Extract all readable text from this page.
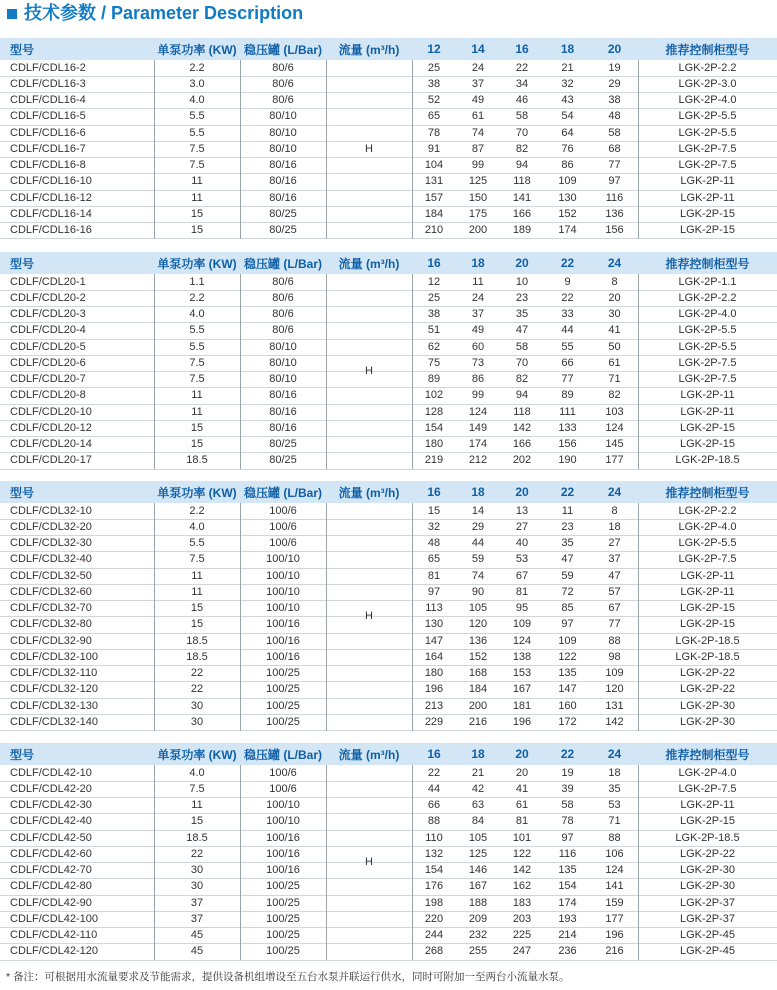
技术参数 / Parameter Description
型号	单泵功率 (KW) 稳压罐 (L/Bar)	流量 (m³/h)	12	14	16	18	20	推荐控制柜型号
CDLF/CDL16-2	2.2	80/6	25	24	22	21	19	LGK-2P-2.2
CDLF/CDL16-3	3.0	80/6	38	37	34	32	29	LGK-2P-3.0
CDLF/CDL16-4	4.0	80/6	52	49	46	43	38	LGK-2P-4.0
CDLF/CDL16-5	5.5	80/10	65	61	58	54	48	LGK-2P-5.5
CDLF/CDL16-6	5.5	80/10	78	74	70	64	58	LGK-2P-5.5
CDLF/CDL16-7	7.5	80/10	91	87	82	76	68	LGK-2P-7.5
CDLF/CDL16-8	7.5	80/16	104	99	94	86	77	LGK-2P-7.5
CDLF/CDL16-10	11	80/16	131	125	118	109	97	LGK-2P-11
CDLF/CDL16-12	11	80/16	157	150	141	130	116	LGK-2P-11
CDLF/CDL16-14	15	80/25	184	175	166	152	136	LGK-2P-15
CDLF/CDL16-16	15	80/25	210	200	189	174	156	LGK-2P-15
H
型号	单泵功率 (KW) 稳压罐 (L/Bar)	流量 (m³/h)	16	18	20	22	24	推荐控制柜型号
CDLF/CDL20-1	1.1	80/6	12	11	10	9	8	LGK-2P-1.1
CDLF/CDL20-2	2.2	80/6	25	24	23	22	20	LGK-2P-2.2
CDLF/CDL20-3	4.0	80/6	38	37	35	33	30	LGK-2P-4.0
CDLF/CDL20-4	5.5	80/6	51	49	47	44	41	LGK-2P-5.5
CDLF/CDL20-5	5.5	80/10	62	60	58	55	50	LGK-2P-5.5
CDLF/CDL20-6	7.5	80/10	75	73	70	66	61	LGK-2P-7.5
CDLF/CDL20-7	7.5	80/10	89	86	82	77	71	LGK-2P-7.5
CDLF/CDL20-8	11	80/16	102	99	94	89	82	LGK-2P-11
CDLF/CDL20-10	11	80/16	128	124	118	111	103	LGK-2P-11
CDLF/CDL20-12	15	80/16	154	149	142	133	124	LGK-2P-15
CDLF/CDL20-14	15	80/25	180	174	166	156	145	LGK-2P-15
CDLF/CDL20-17	18.5	80/25	219	212	202	190	177	LGK-2P-18.5
H
型号	单泵功率 (KW) 稳压罐 (L/Bar)	流量 (m³/h)	16	18	20	22	24	推荐控制柜型号
CDLF/CDL32-10	2.2	100/6	15	14	13	11	8	LGK-2P-2.2
CDLF/CDL32-20	4.0	100/6	32	29	27	23	18	LGK-2P-4.0
CDLF/CDL32-30	5.5	100/6	48	44	40	35	27	LGK-2P-5.5
CDLF/CDL32-40	7.5	100/10	65	59	53	47	37	LGK-2P-7.5
CDLF/CDL32-50	11	100/10	81	74	67	59	47	LGK-2P-11
CDLF/CDL32-60	11	100/10	97	90	81	72	57	LGK-2P-11
CDLF/CDL32-70	15	100/10	113	105	95	85	67	LGK-2P-15
CDLF/CDL32-80	15	100/16	130	120	109	97	77	LGK-2P-15
CDLF/CDL32-90	18.5	100/16	147	136	124	109	88	LGK-2P-18.5
CDLF/CDL32-100	18.5	100/16	164	152	138	122	98	LGK-2P-18.5
CDLF/CDL32-110	22	100/25	180	168	153	135	109	LGK-2P-22
CDLF/CDL32-120	22	100/25	196	184	167	147	120	LGK-2P-22
CDLF/CDL32-130	30	100/25	213	200	181	160	131	LGK-2P-30
CDLF/CDL32-140	30	100/25	229	216	196	172	142	LGK-2P-30
H
型号	单泵功率 (KW) 稳压罐 (L/Bar)	流量 (m³/h)	16	18	20	22	24	推荐控制柜型号
CDLF/CDL42-10	4.0	100/6	22	21	20	19	18	LGK-2P-4.0
CDLF/CDL42-20	7.5	100/6	44	42	41	39	35	LGK-2P-7.5
CDLF/CDL42-30	11	100/10	66	63	61	58	53	LGK-2P-11
CDLF/CDL42-40	15	100/10	88	84	81	78	71	LGK-2P-15
CDLF/CDL42-50	18.5	100/16	110	105	101	97	88	LGK-2P-18.5
CDLF/CDL42-60	22	100/16	132	125	122	116	106	LGK-2P-22
CDLF/CDL42-70	30	100/16	154	146	142	135	124	LGK-2P-30
CDLF/CDL42-80	30	100/25	176	167	162	154	141	LGK-2P-30
CDLF/CDL42-90	37	100/25	198	188	183	174	159	LGK-2P-37
CDLF/CDL42-100	37	100/25	220	209	203	193	177	LGK-2P-37
CDLF/CDL42-110	45	100/25	244	232	225	214	196	LGK-2P-45
CDLF/CDL42-120	45	100/25	268	255	247	236	216	LGK-2P-45
H
* 备注：可根据用水流量要求及节能需求，提供设备机组增设至五台水泵并联运行供水，同时可附加一至两台小流量水泵。
